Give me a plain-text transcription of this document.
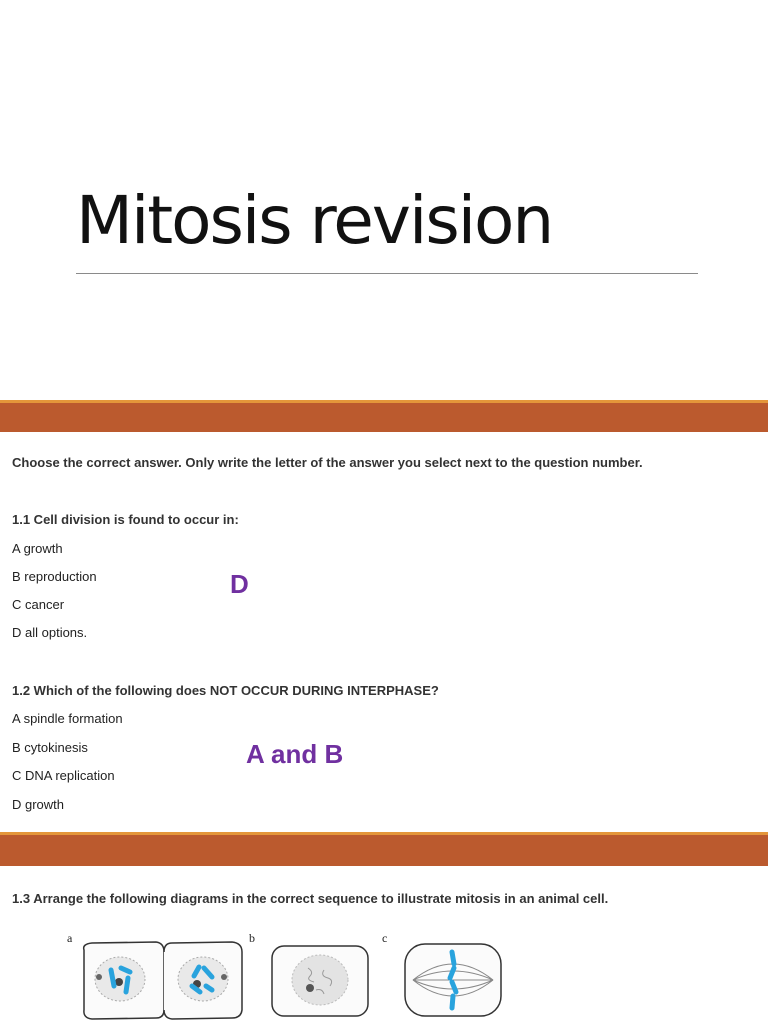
Mitosis revision

Choose the correct answer. Only write the letter of the answer you select next to the question number.

1.1 Cell division is found to occur in:

A growth

B reproduction

C cancer

D all options.

D

1.2 Which of the following does NOT OCCUR DURING INTERPHASE?

A spindle formation

B cytokinesis

C DNA replication

D growth

A and B

1.3 Arrange the following diagrams in the correct sequence to illustrate mitosis in an animal cell.

a	b	c
